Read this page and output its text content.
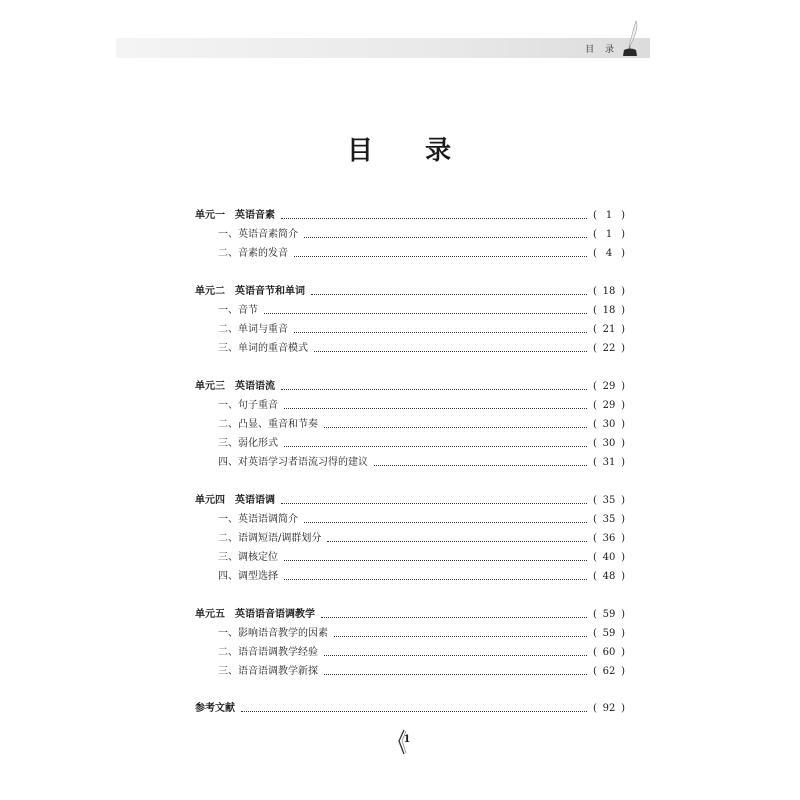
目 录
目 录
单元一　英语音素	( 1 )
一、英语音素简介	( 1 )
二、音素的发音	( 4 )
单元二　英语音节和单词	( 18 )
一、音节	( 18 )
二、单词与重音	( 21 )
三、单词的重音模式	( 22 )
单元三　英语语流	( 29 )
一、句子重音	( 29 )
二、凸显、重音和节奏	( 30 )
三、弱化形式	( 30 )
四、对英语学习者语流习得的建议	( 31 )
单元四　英语语调	( 35 )
一、英语语调简介	( 35 )
二、语调短语/调群划分	( 36 )
三、调核定位	( 40 )
四、调型选择	( 48 )
单元五　英语语音语调教学	( 59 )
一、影响语音教学的因素	( 59 )
二、语音语调教学经验	( 60 )
三、语音语调教学新探	( 62 )
参考文献	( 92 )
1
